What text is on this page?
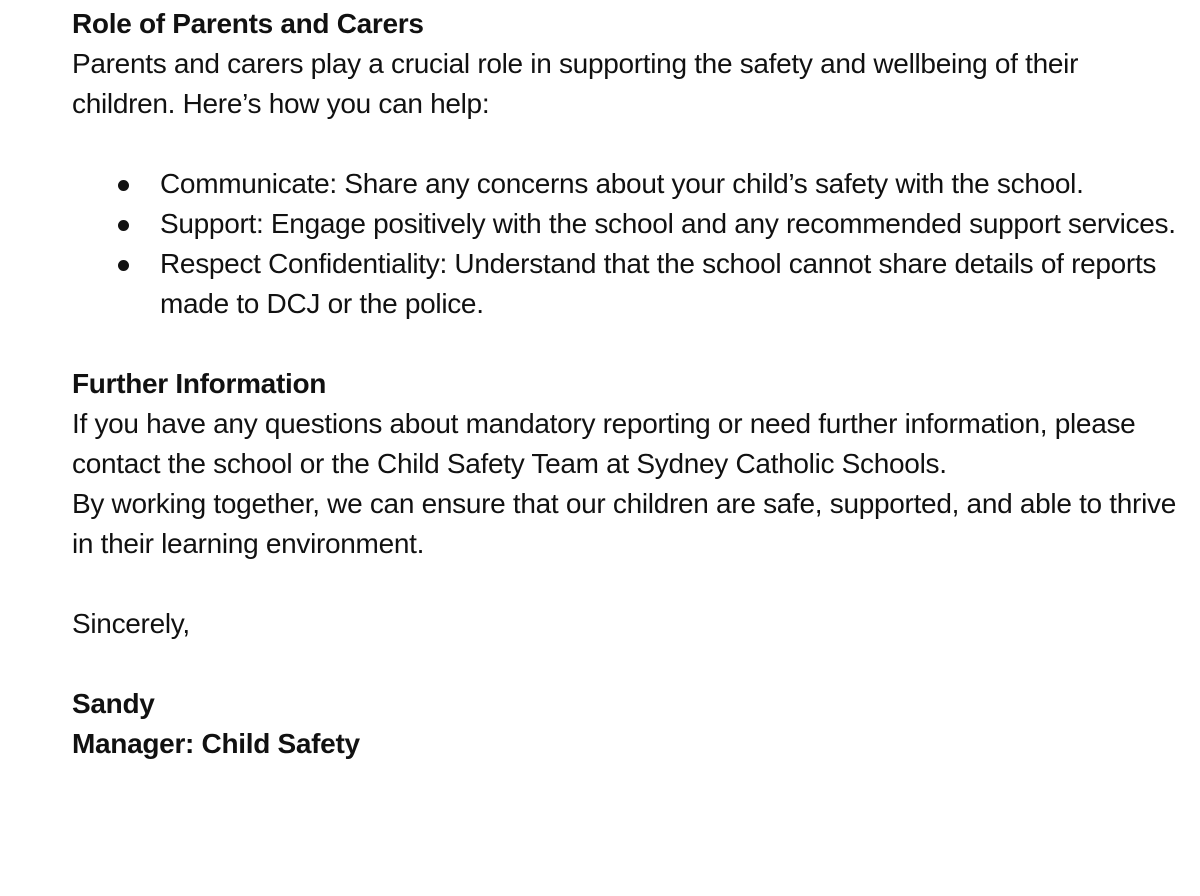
Role of Parents and Carers

Parents and carers play a crucial role in supporting the safety and wellbeing of their children. Here’s how you can help:

Communicate: Share any concerns about your child’s safety with the school.
Support: Engage positively with the school and any recommended support services.
Respect Confidentiality: Understand that the school cannot share details of reports made to DCJ or the police.

Further Information

If you have any questions about mandatory reporting or need further information, please contact the school or the Child Safety Team at Sydney Catholic Schools.

By working together, we can ensure that our children are safe, supported, and able to thrive in their learning environment.

Sincerely,

Sandy

Manager: Child Safety
